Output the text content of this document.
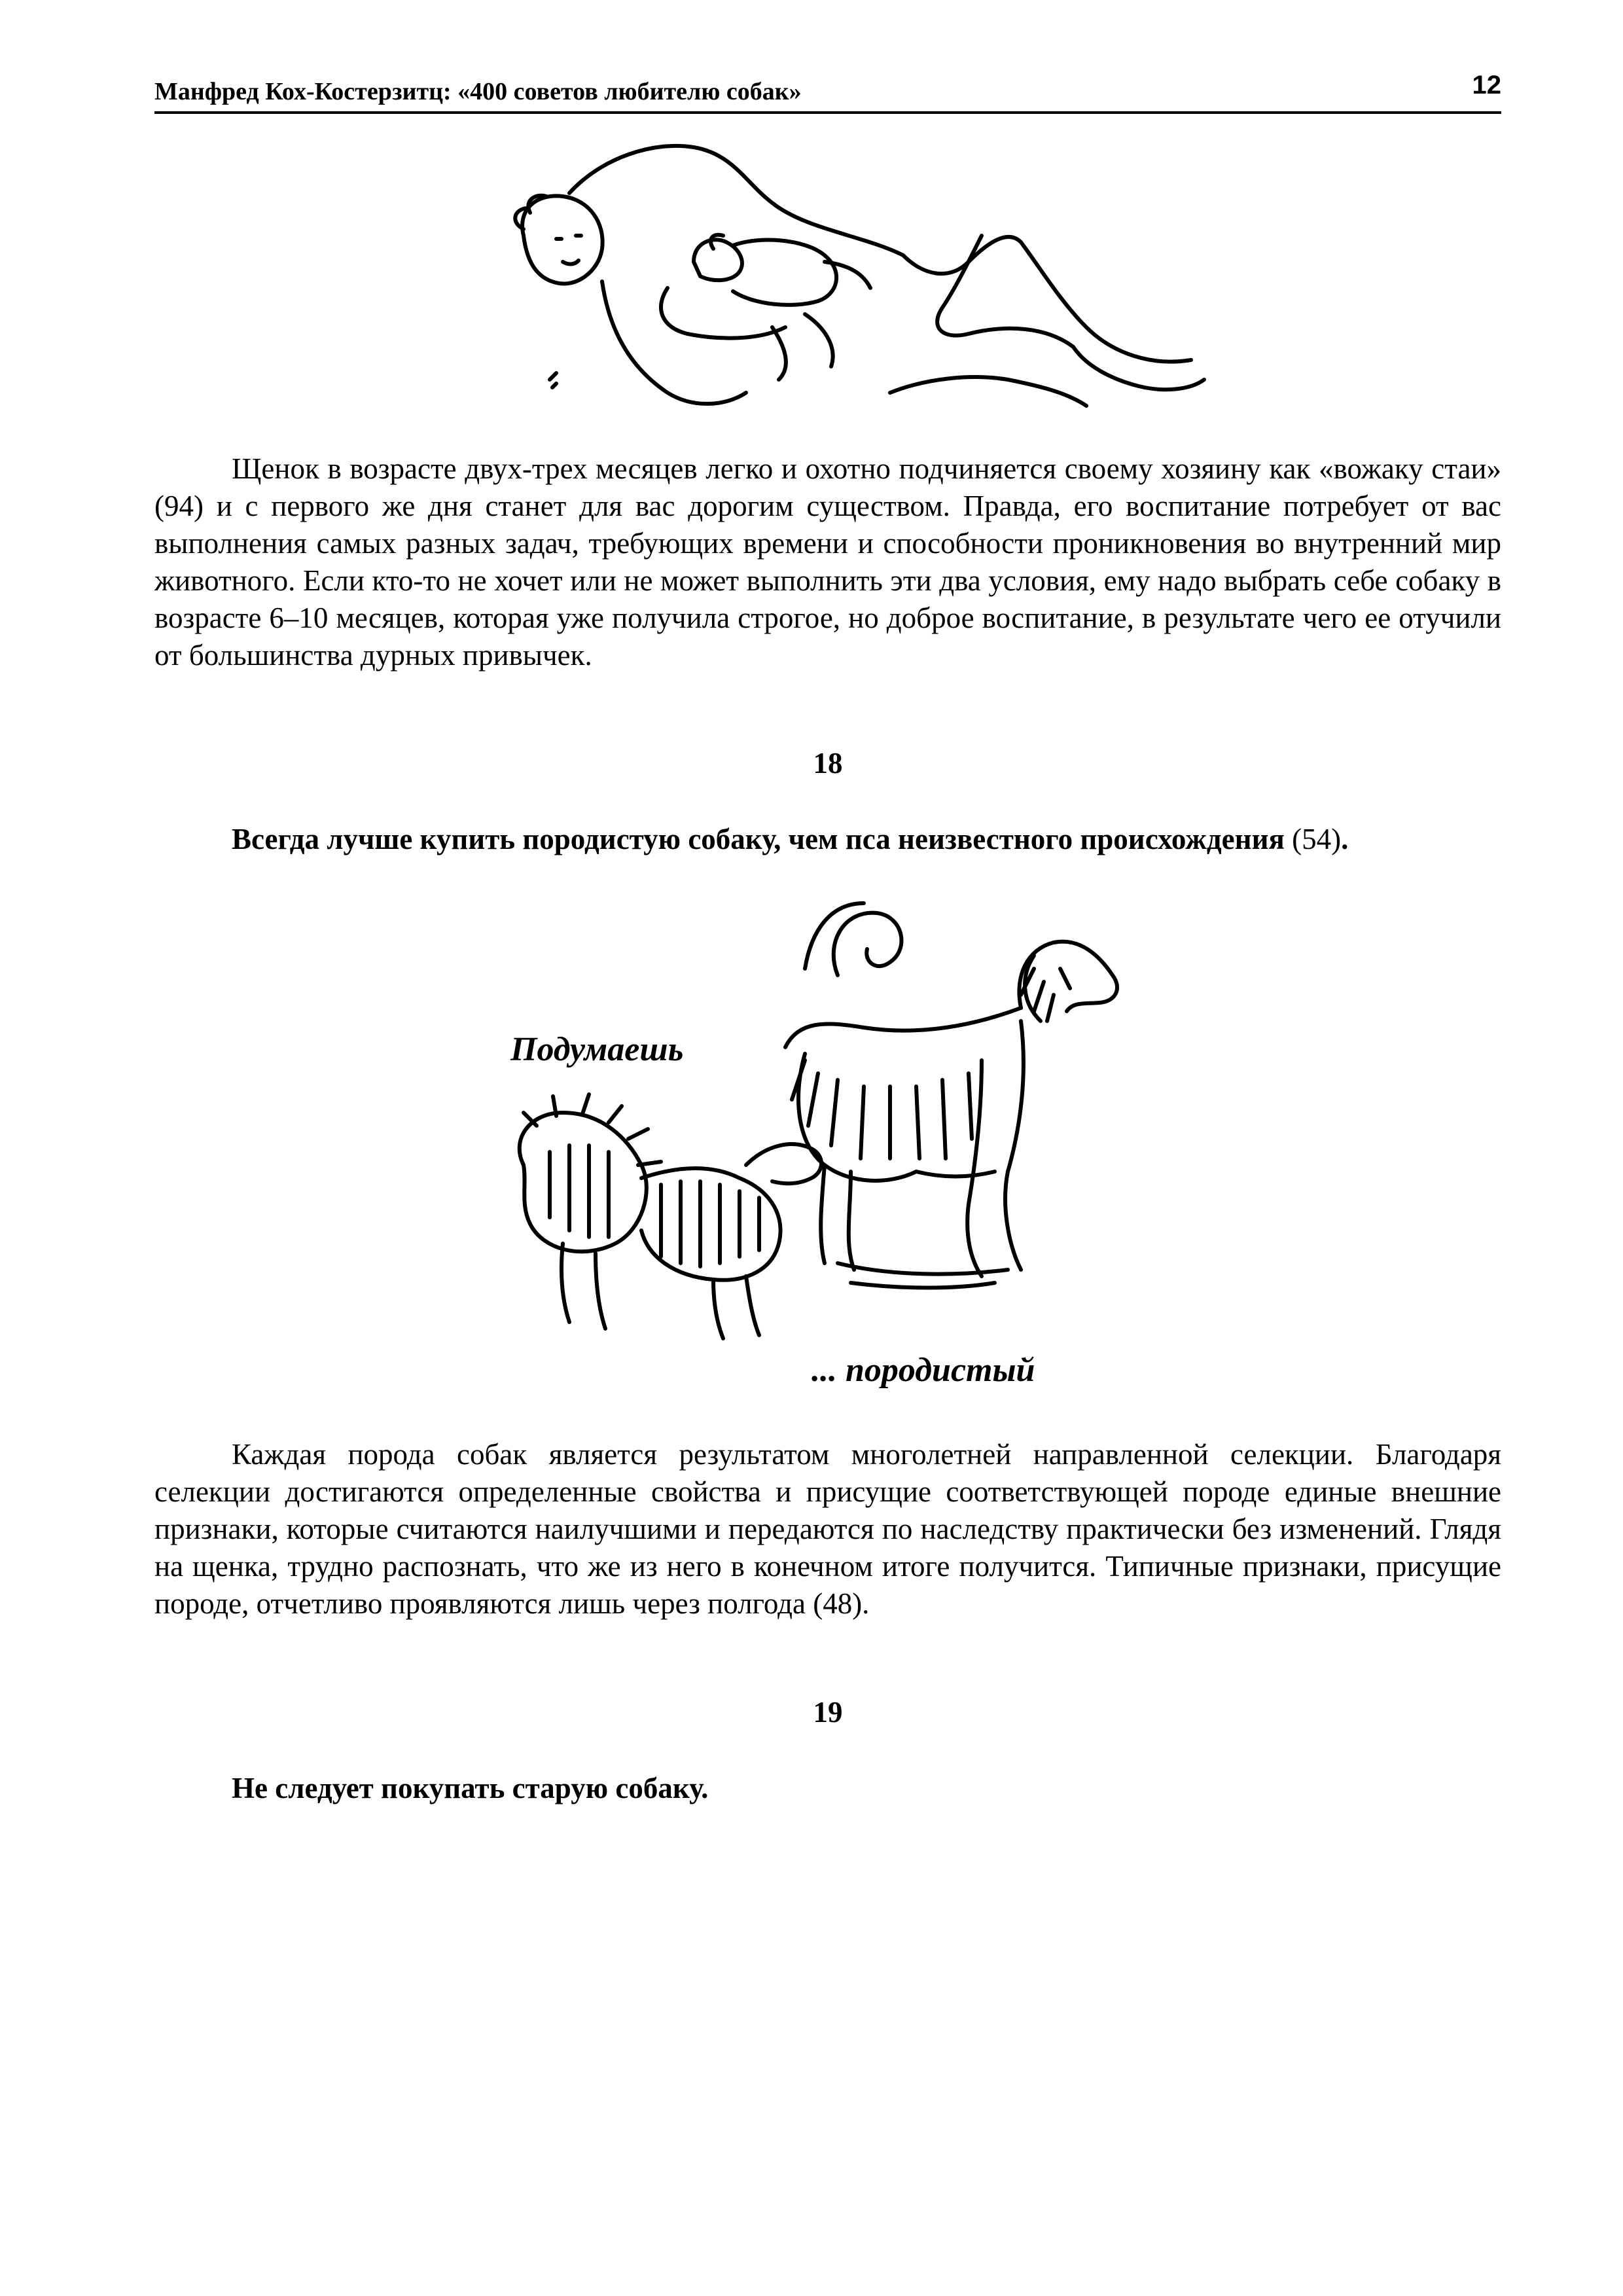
Манфред Кох-Костерзитц: «400 советов любителю собак»	12

Щенок в возрасте двух-трех месяцев легко и охотно подчиняется своему хозяину как «вожаку стаи» (94) и с первого же дня станет для вас дорогим существом. Правда, его воспитание потребует от вас выполнения самых разных задач, требующих времени и способности проникновения во внутренний мир животного. Если кто-то не хочет или не может выполнить эти два условия, ему надо выбрать себе собаку в возрасте 6–10 месяцев, которая уже получила строгое, но доброе воспитание, в результате чего ее отучили от большинства дурных привычек.

18
Всегда лучше купить породистую собаку, чем пса неизвестного происхождения (54).
Подумаешь
... породистый

Каждая порода собак является результатом многолетней направленной селекции. Благодаря селекции достигаются определенные свойства и присущие соответствующей породе единые внешние признаки, которые считаются наилучшими и передаются по наследству практически без изменений. Глядя на щенка, трудно распознать, что же из него в конечном итоге получится. Типичные признаки, присущие породе, отчетливо проявляются лишь через полгода (48).

19
Не следует покупать старую собаку.
